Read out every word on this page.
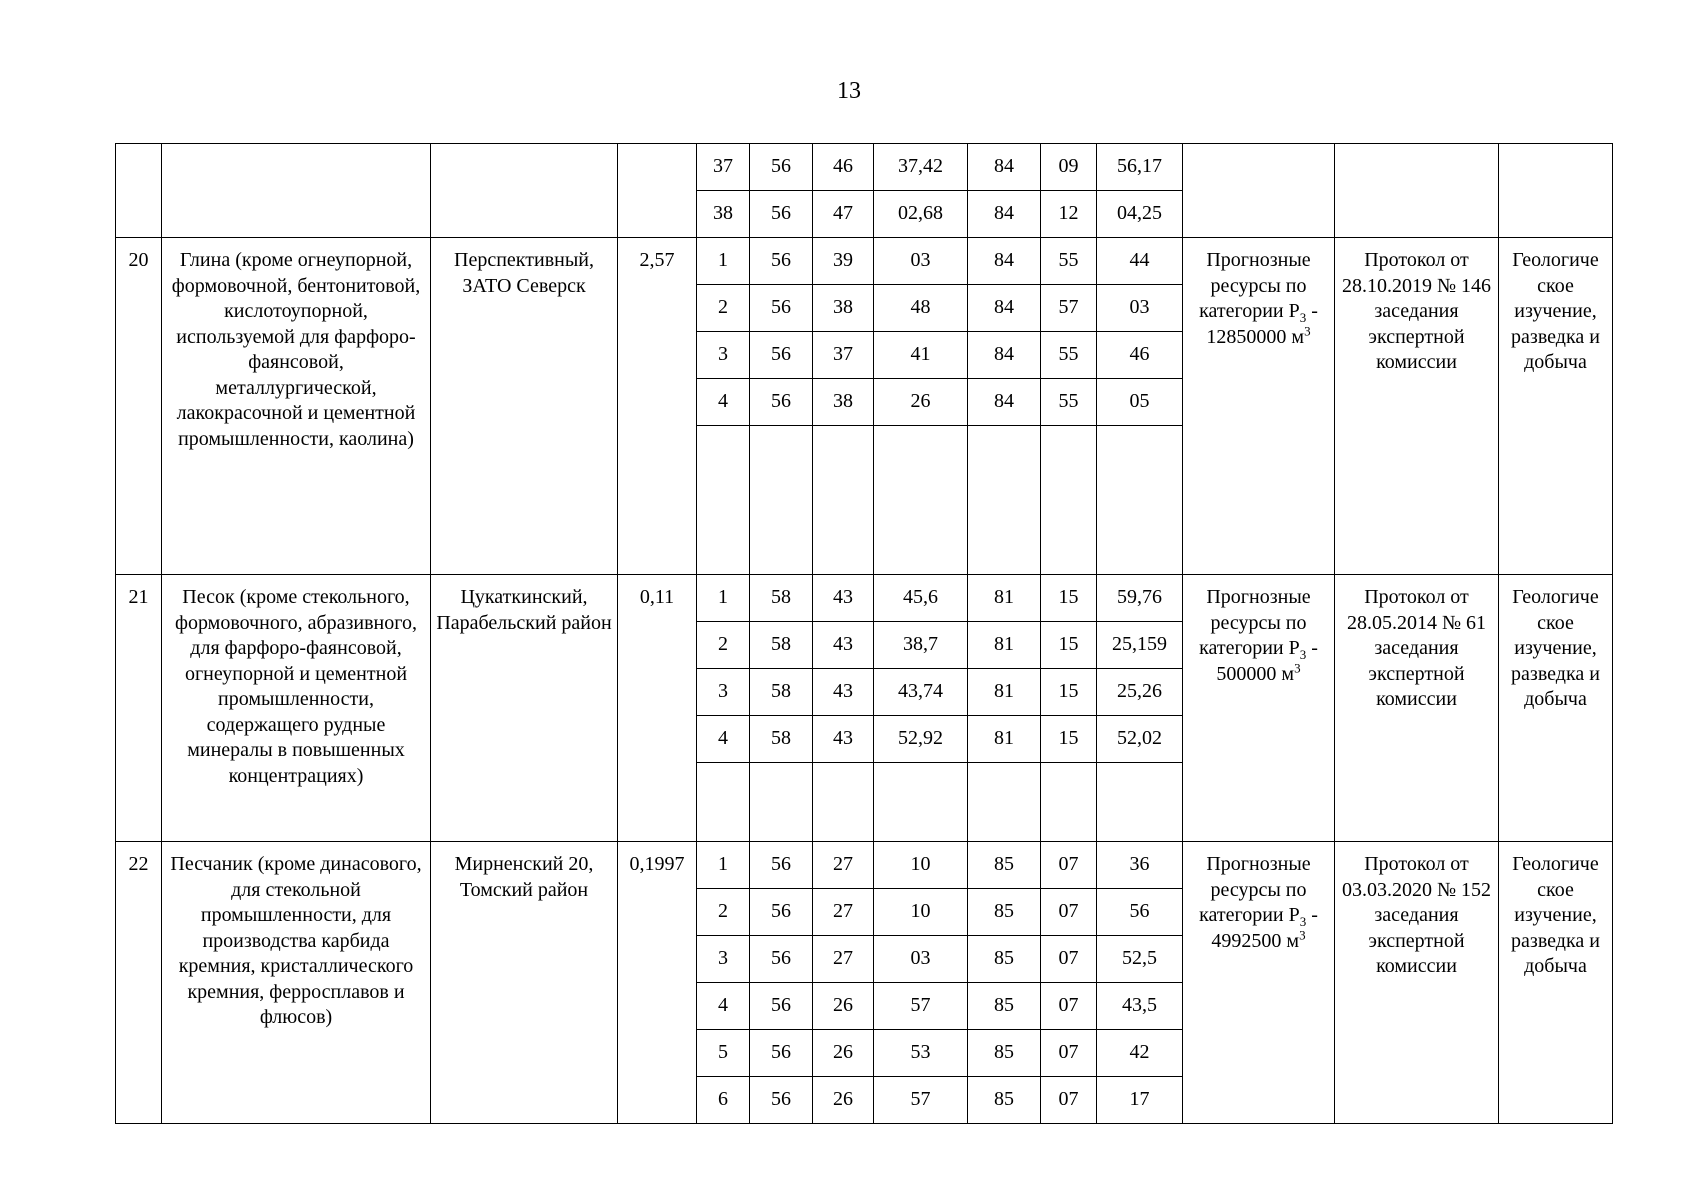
13
				37	56	46	37,42	84	09	56,17			
				38	56	47	02,68	84	12	04,25			
20	Глина (кроме огнеупорной, формовочной, бентонитовой, кислотоупорной, используемой для фарфоро-фаянсовой, металлургической, лакокрасочной и цементной промышленности, каолина)	Перспективный, ЗАТО Северск	2,57	1	56	39	03	84	55	44	Прогнозные ресурсы по категории $Р_3 - 12850000$ $м^3$	Протокол от 28.10.2019 № 146 заседания экспертной комиссии	Геологиче ское изучение, разведка и добыча
				2	56	38	48	84	57	03			
				3	56	37	41	84	55	46			
				4	56	38	26	84	55	05			

21	Песок (кроме стекольного, формовочного, абразивного, для фарфоро-фаянсовой, огнеупорной и цементной промышленности, содержащего рудные минералы в повышенных концентрациях)	Цукаткинский, Парабельский район	0,11	1	58	43	45,6	81	15	59,76	Прогнозные ресурсы по категории $Р_3 - 500000$ $м^3$	Протокол от 28.05.2014 № 61 заседания экспертной комиссии	Геологиче ское изучение, разведка и добыча
				2	58	43	38,7	81	15	25,159			
				3	58	43	43,74	81	15	25,26			
				4	58	43	52,92	81	15	52,02			

22	Песчаник (кроме динасового, для стекольной промышленности, для производства карбида кремния, кристаллического кремния, ферросплавов и флюсов)	Мирненский 20, Томский район	0,1997	1	56	27	10	85	07	36	Прогнозные ресурсы по категории $Р_3 - 4992500$ $м^3$	Протокол от 03.03.2020 № 152 заседания экспертной комиссии	Геологиче ское изучение, разведка и добыча
				2	56	27	10	85	07	56			
				3	56	27	03	85	07	52,5			
				4	56	26	57	85	07	43,5			
				5	56	26	53	85	07	42			
				6	56	26	57	85	07	17			
